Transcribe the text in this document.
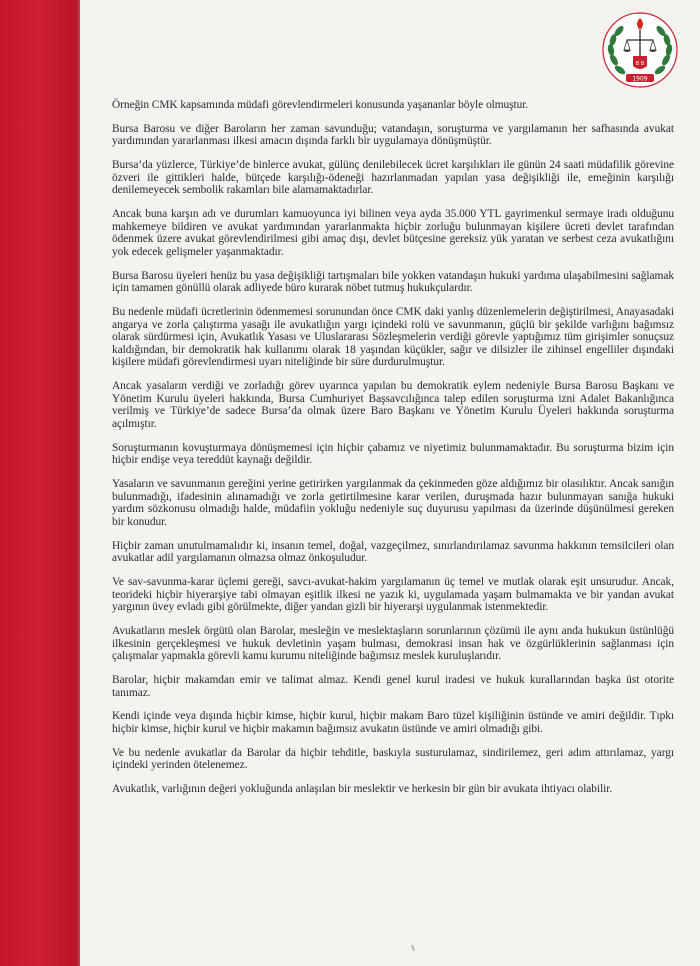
B B
1909

Örneğin CMK kapsamında müdafi görevlendirmeleri konusunda yaşananlar böyle olmuştur.

Bursa Barosu ve diğer Baroların her zaman savunduğu; vatandaşın, soruşturma ve yargılamanın her safhasında avukat yardımından yararlanması ilkesi amacın dışında farklı bir uygulamaya dönüşmüştür.

Bursa’da yüzlerce, Türkiye’de binlerce avukat, gülünç denilebilecek ücret karşılıkları ile günün 24 saati müdafilik görevine özveri ile gittikleri halde, bütçede karşılığı-ödeneği hazırlanmadan yapılan yasa değişikliği ile, emeğinin karşılığı denilemeyecek sembolik rakamları bile alamamaktadırlar.

Ancak buna karşın adı ve durumları kamuoyunca iyi bilinen veya ayda 35.000 YTL gayrimenkul sermaye iradı olduğunu mahkemeye bildiren ve avukat yardımından yararlanmakta hiçbir zorluğu bulunmayan kişilere ücreti devlet tarafından ödenmek üzere avukat görevlendirilmesi gibi amaç dışı, devlet bütçesine gereksiz yük yaratan ve serbest ceza avukatlığını yok edecek gelişmeler yaşanmaktadır.

Bursa Barosu üyeleri henüz bu yasa değişikliği tartışmaları bile yokken vatandaşın hukuki yardıma ulaşabilmesini sağlamak için tamamen gönüllü olarak adliyede büro kurarak nöbet tutmuş hukukçulardır.

Bu nedenle müdafi ücretlerinin ödenmemesi sorunundan önce CMK daki yanlış düzenlemelerin değiştirilmesi, Anayasadaki angarya ve zorla çalıştırma yasağı ile avukatlığın yargı içindeki rolü ve savunmanın, güçlü bir şekilde varlığını bağımsız olarak sürdürmesi için, Avukatlık Yasası ve Uluslararası Sözleşmelerin verdiği görevle yaptığımız tüm girişimler sonuçsuz kaldığından, bir demokratik hak kullanımı olarak 18 yaşından küçükler, sağır ve dilsizler ile zihinsel engelliler dışındaki kişilere müdafi görevlendirmesi uyarı niteliğinde bir süre durdurulmuştur.

Ancak yasaların verdiği ve zorladığı görev uyarınca yapılan bu demokratik eylem nedeniyle Bursa Barosu Başkanı ve Yönetim Kurulu üyeleri hakkında, Bursa Cumhuriyet Başsavcılığınca talep edilen soruşturma izni Adalet Bakanlığınca verilmiş ve Türkiye’de sadece Bursa’da olmak üzere Baro Başkanı ve Yönetim Kurulu Üyeleri hakkında soruşturma açılmıştır.

Soruşturmanın kovuşturmaya dönüşmemesi için hiçbir çabamız ve niyetimiz bulunmamaktadır. Bu soruşturma bizim için hiçbir endişe veya tereddüt kaynağı değildir.

Yasaların ve savunmanın gereğini yerine getirirken yargılanmak da çekinmeden göze aldığımız bir olasılıktır. Ancak sanığın bulunmadığı, ifadesinin alınamadığı ve zorla getirtilmesine karar verilen, duruşmada hazır bulunmayan sanığa hukuki yardım sözkonusu olmadığı halde, müdafiin yokluğu nedeniyle suç duyurusu yapılması da üzerinde düşünülmesi gereken bir konudur.

Hiçbir zaman unutulmamalıdır ki, insanın temel, doğal, vazgeçilmez, sınırlandırılamaz savunma hakkının temsilcileri olan avukatlar adil yargılamanın olmazsa olmaz önkoşuludur.

Ve sav-savunma-karar üçlemi gereği, savcı-avukat-hakim yargılamanın üç temel ve mutlak olarak eşit unsurudur. Ancak, teorideki hiçbir hiyerarşiye tabi olmayan eşitlik ilkesi ne yazık ki, uygulamada yaşam bulmamakta ve bir yandan avukat yargının üvey evladı gibi görülmekte, diğer yandan gizli bir hiyerarşi uygulanmak istenmektedir.

Avukatların meslek örgütü olan Barolar, mesleğin ve meslektaşların sorunlarının çözümü ile aynı anda hukukun üstünlüğü ilkesinin gerçekleşmesi ve hukuk devletinin yaşam bulması, demokrasi insan hak ve özgürlüklerinin sağlanması için çalışmalar yapmakla görevli kamu kurumu niteliğinde bağımsız meslek kuruluşlarıdır.

Barolar, hiçbir makamdan emir ve talimat almaz. Kendi genel kurul iradesi ve hukuk kurallarından başka üst otorite tanımaz.

Kendi içinde veya dışında hiçbir kimse, hiçbir kurul, hiçbir makam Baro tüzel kişiliğinin üstünde ve amiri değildir. Tıpkı hiçbir kimse, hiçbir kurul ve hiçbir makamın bağımsız avukatın üstünde ve amiri olmadığı gibi.

Ve bu nedenle avukatlar da Barolar da hiçbir tehditle, baskıyla susturulamaz, sindirilemez, geri adım attırılamaz, yargı içindeki yerinden ötelenemez.

Avukatlık, varlığının değeri yokluğunda anlaşılan bir meslektir ve herkesin bir gün bir avukata ihtiyacı olabilir.
